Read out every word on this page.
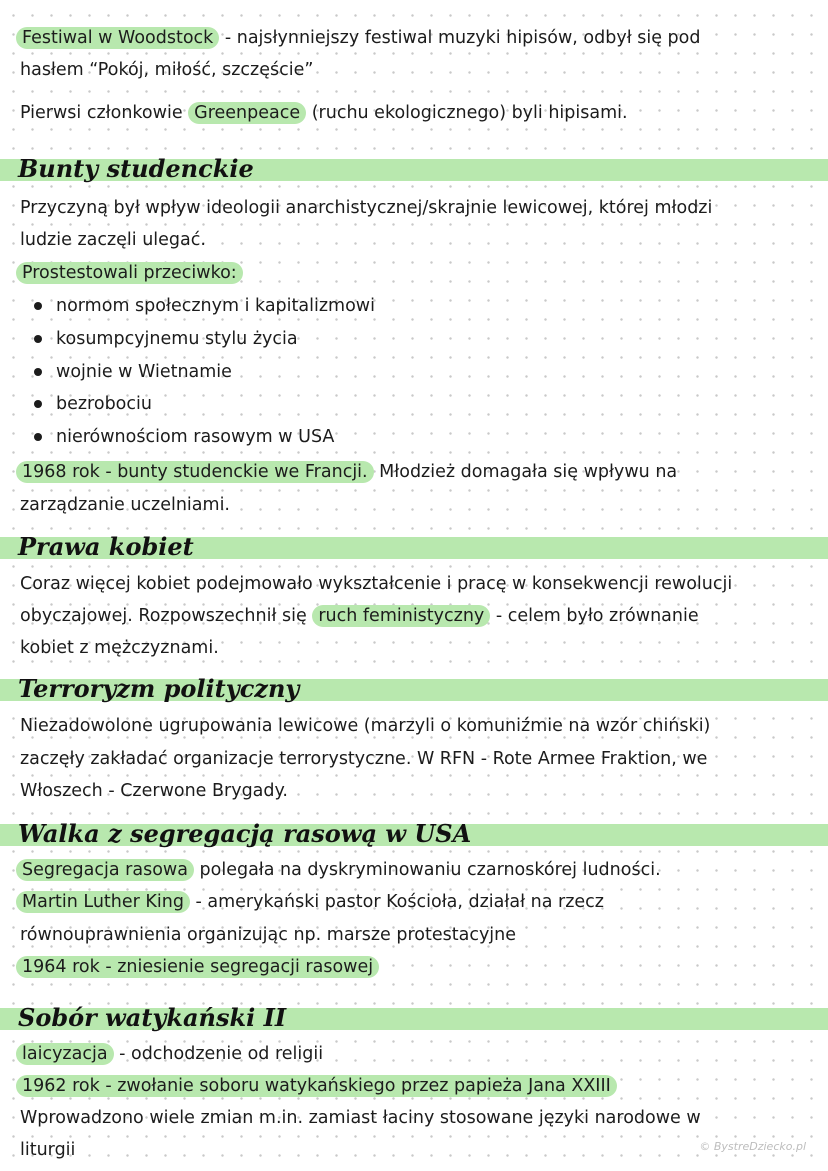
Festiwal w Woodstock - najsłynniejszy festiwal muzyki hipisów, odbył się pod
hasłem “Pokój, miłość, szczęście”
Pierwsi członkowie Greenpeace (ruchu ekologicznego) byli hipisami.
Bunty studenckie
Przyczyną był wpływ ideologii anarchistycznej/skrajnie lewicowej, której młodzi
ludzie zaczęli ulegać.
Prostestowali przeciwko:
normom społecznym i kapitalizmowi
kosumpcyjnemu stylu życia
wojnie w Wietnamie
bezrobociu
nierównościom rasowym w USA
1968 rok - bunty studenckie we Francji. Młodzież domagała się wpływu na
zarządzanie uczelniami.
Prawa kobiet
Coraz więcej kobiet podejmowało wykształcenie i pracę w konsekwencji rewolucji
obyczajowej. Rozpowszechnił się ruch feministyczny - celem było zrównanie
kobiet z mężczyznami.
Terroryzm polityczny
Niezadowolone ugrupowania lewicowe (marzyli o komuniźmie na wzór chiński)
zaczęły zakładać organizacje terrorystyczne. W RFN - Rote Armee Fraktion, we
Włoszech - Czerwone Brygady.
Walka z segregacją rasową w USA
Segregacja rasowa polegała na dyskryminowaniu czarnoskórej ludności.
Martin Luther King - amerykański pastor Kościoła, działał na rzecz
równouprawnienia organizując np. marsze protestacyjne
1964 rok - zniesienie segregacji rasowej
Sobór watykański II
laicyzacja - odchodzenie od religii
1962 rok - zwołanie soboru watykańskiego przez papieża Jana XXIII
Wprowadzono wiele zmian m.in. zamiast łaciny stosowane języki narodowe w
liturgii	© BystreDziecko.pl
